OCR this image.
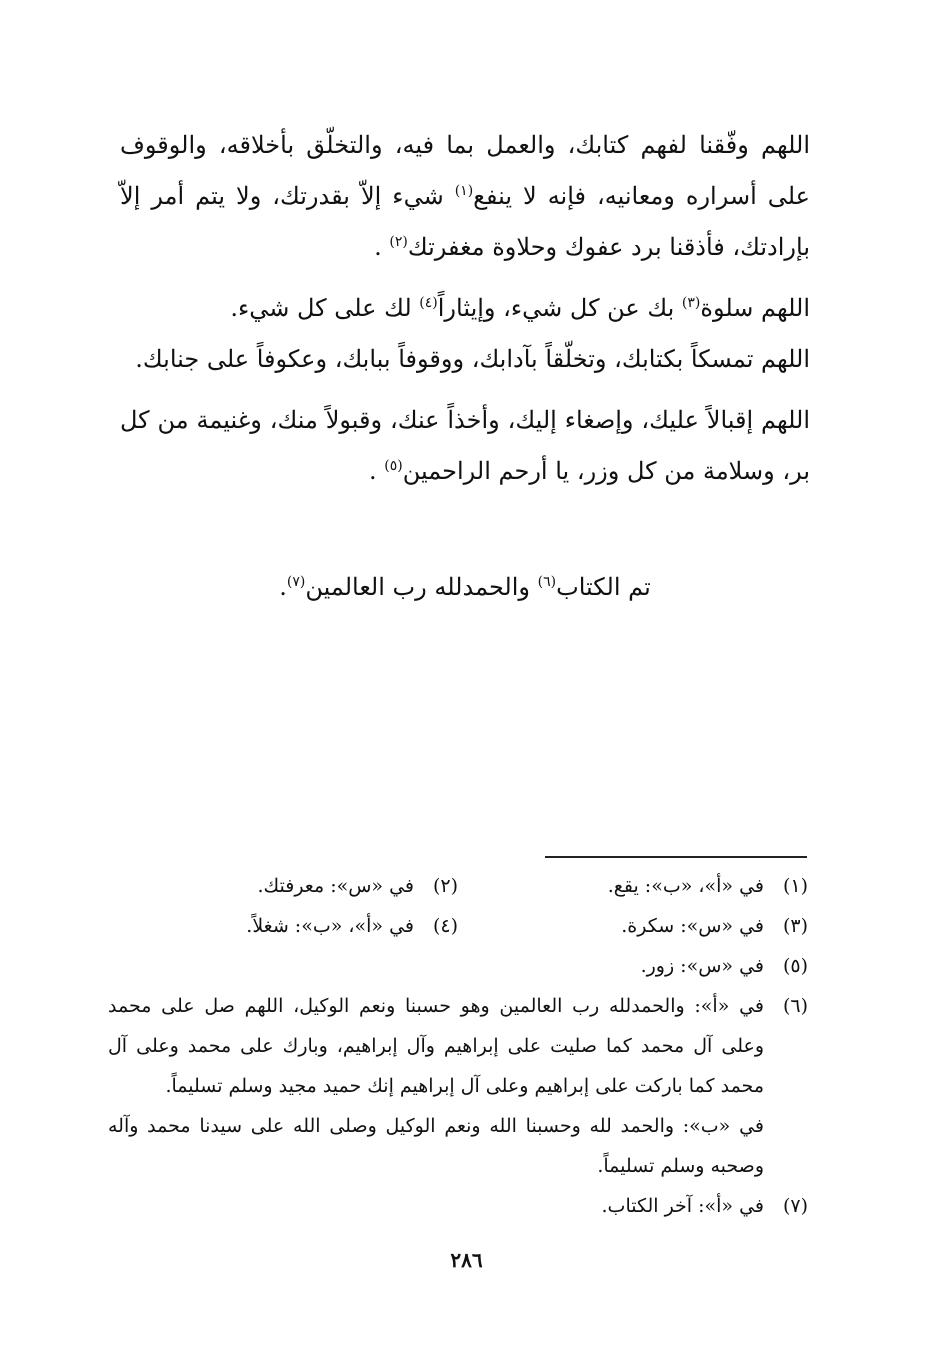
اللهم وفّقنا لفهم كتابك، والعمل بما فيه، والتخلّق بأخلاقه، والوقوف على أسراره ومعانيه، فإنه لا ينفع$^{(١)}$ شيء إلاّ بقدرتك، ولا يتم أمر إلاّ بإرادتك، فأذقنا برد عفوك وحلاوة مغفرتك$^{(٢)}$ .

اللهم سلوة$^{(٣)}$ بك عن كل شيء، وإيثاراً$^{(٤)}$ لك على كل شيء.

اللهم تمسكاً بكتابك، وتخلّقاً بآدابك، ووقوفاً ببابك، وعكوفاً على جنابك.

اللهم إقبالاً عليك، وإصغاء إليك، وأخذاً عنك، وقبولاً منك، وغنيمة من كل بر، وسلامة من كل وزر، يا أرحم الراحمين$^{(٥)}$ .

تم الكتاب$^{(٦)}$ والحمدلله رب العالمين$^{(٧)}$.
(١)
في «أ»، «ب»: يقع.
(٢)
في «س»: معرفتك.
(٣)
في «س»: سكرة.
(٤)
في «أ»، «ب»: شغلاً.
(٥)
في «س»: زور.
(٦)
في «أ»: والحمدلله رب العالمين وهو حسبنا ونعم الوكيل، اللهم صل على محمد وعلى آل محمد كما صليت على إبراهيم وآل إبراهيم، وبارك على محمد وعلى آل محمد كما باركت على إبراهيم وعلى آل إبراهيم إنك حميد مجيد وسلم تسليماً.
في «ب»: والحمد لله وحسبنا الله ونعم الوكيل وصلى الله على سيدنا محمد وآله وصحبه وسلم تسليماً.
(٧)
في «أ»: آخر الكتاب.
٢٨٦
